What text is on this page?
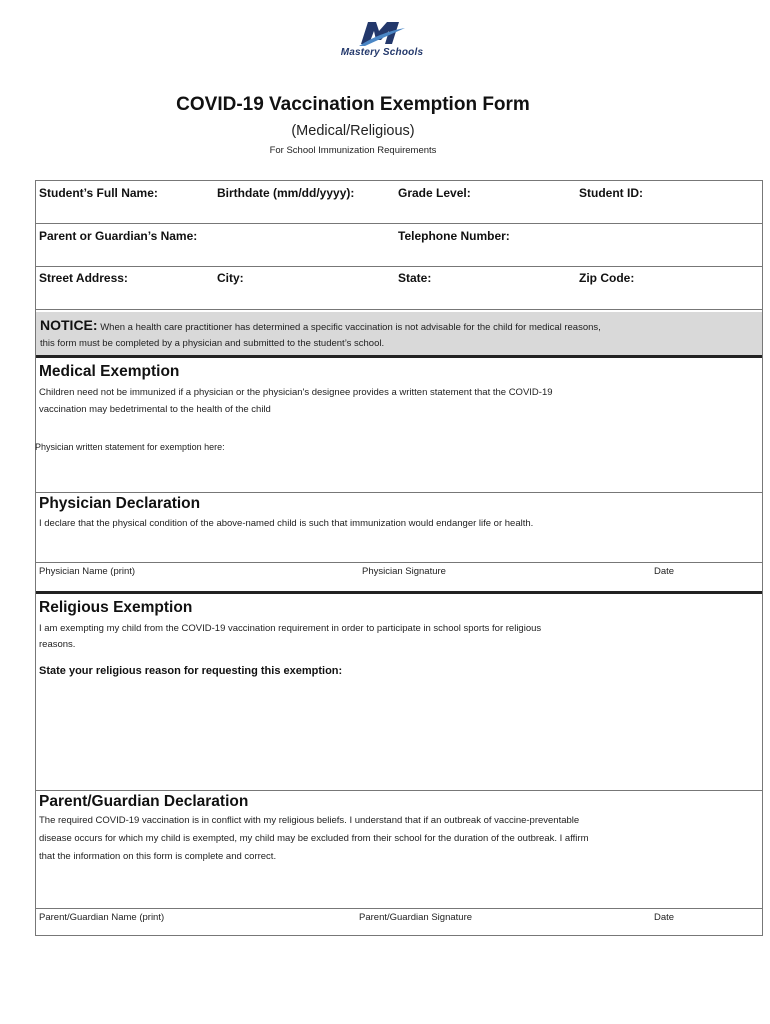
Mastery Schools
COVID-19 Vaccination Exemption Form
(Medical/Religious)
For School Immunization Requirements
Student’s Full Name:	Birthdate (mm/dd/yyyy):	Grade Level:	Student ID:
Parent or Guardian’s Name:	Telephone Number:
Street Address:	City:	State:	Zip Code:
NOTICE: When a health care practitioner has determined a specific vaccination is not advisable for the child for medical reasons,
this form must be completed by a physician and submitted to the student’s school.
Medical Exemption
Children need not be immunized if a physician or the physician's designee provides a written statement that the COVID-19
vaccination may bedetrimental to the health of the child
Physician written statement for exemption here:
Physician Declaration
I declare that the physical condition of the above-named child is such that immunization would endanger life or health.
Physician Name (print)	Physician Signature	Date
Religious Exemption
I am exempting my child from the COVID-19 vaccination requirement in order to participate in school sports for religious
reasons.
State your religious reason for requesting this exemption:
Parent/Guardian Declaration
The required COVID-19 vaccination is in conflict with my religious beliefs. I understand that if an outbreak of vaccine-preventable
disease occurs for which my child is exempted, my child may be excluded from their school for the duration of the outbreak. I affirm
that the information on this form is complete and correct.
Parent/Guardian Name (print)	Parent/Guardian Signature	Date
